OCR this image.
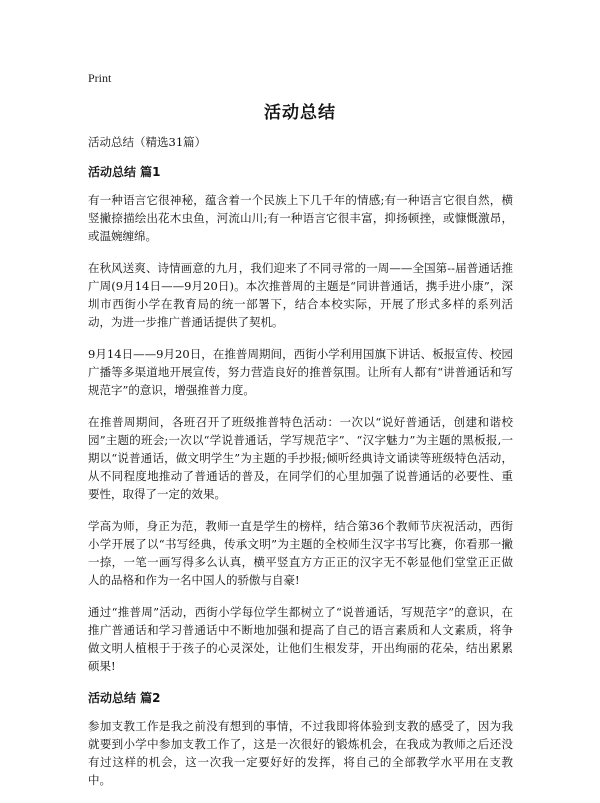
Print
活动总结

活动总结（精选31篇）

活动总结 篇1

有一种语言它很神秘，蕴含着一个民族上下几千年的情感;有一种语言它很自然，横竖撇捺描绘出花木虫鱼，河流山川;有一种语言它很丰富，抑扬顿挫，或慷慨激昂，或温婉缠绵。

在秋风送爽、诗情画意的九月，我们迎来了不同寻常的一周——全国第--届普通话推广周(9月14日——9月20日)。本次推普周的主题是“同讲普通话，携手进小康”，深圳市西街小学在教育局的统一部署下，结合本校实际，开展了形式多样的系列活动，为进一步推广普通话提供了契机。

9月14日——9月20日，在推普周期间，西街小学利用国旗下讲话、板报宣传、校园广播等多渠道地开展宣传，努力营造良好的推普氛围。让所有人都有“讲普通话和写规范字”的意识，增强推普力度。

在推普周期间，各班召开了班级推普特色活动：一次以“说好普通话，创建和谐校园”主题的班会;一次以“学说普通话，学写规范字”、“汉字魅力”为主题的黑板报,一期以“说普通话，做文明学生”为主题的手抄报;倾听经典诗文诵读等班级特色活动，从不同程度地推动了普通话的普及，在同学们的心里加强了说普通话的必要性、重要性，取得了一定的效果。

学高为师，身正为范，教师一直是学生的榜样，结合第36个教师节庆祝活动，西街小学开展了以“书写经典，传承文明”为主题的全校师生汉字书写比赛，你看那一撇一捺，一笔一画写得多么认真，横平竖直方方正正的汉字无不彰显他们堂堂正正做人的品格和作为一名中国人的骄傲与自豪!

通过“推普周”活动，西街小学每位学生都树立了“说普通话，写规范字”的意识，在推广普通话和学习普通话中不断地加强和提高了自己的语言素质和人文素质，将争做文明人植根于于孩子的心灵深处，让他们生根发芽，开出绚丽的花朵，结出累累硕果!

活动总结 篇2

参加支教工作是我之前没有想到的事情，不过我即将体验到支教的感受了，因为我就要到小学中参加支教工作了，这是一次很好的锻炼机会，在我成为教师之后还没有过这样的机会，这一次我一定要好好的发挥，将自己的全部教学水平用在支教中。
